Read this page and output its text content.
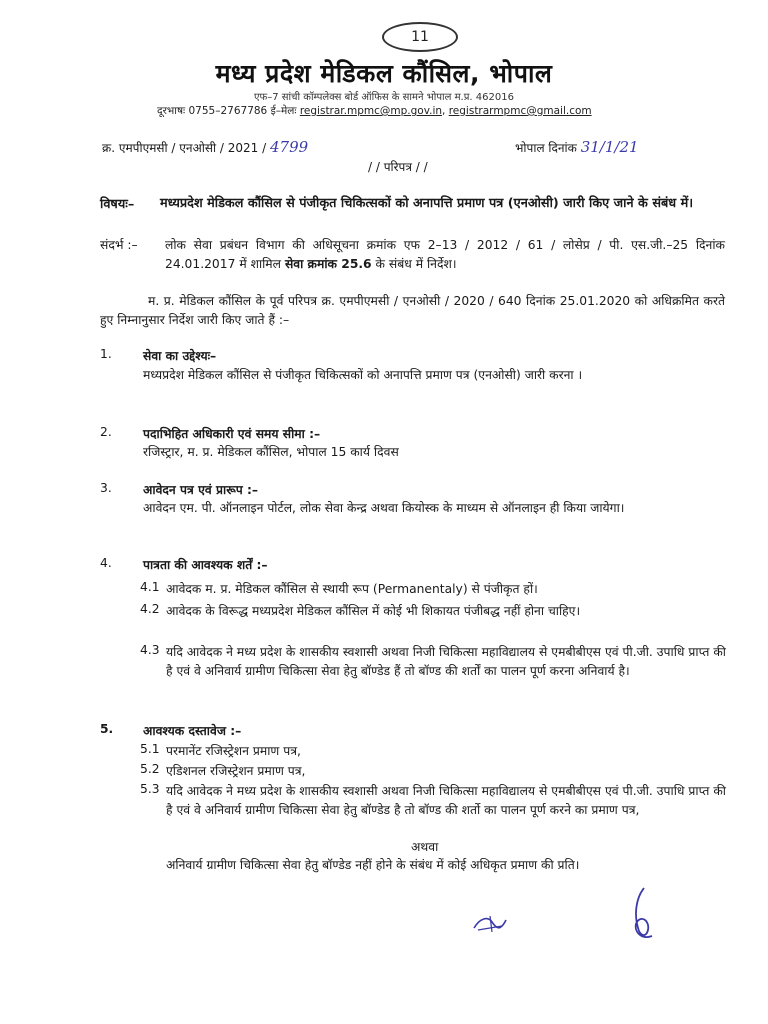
11
मध्य प्रदेश मेडिकल कौंसिल, भोपाल
एफ–7 सांची कॉम्पलेक्स बोर्ड ऑफिस के सामने भोपाल म.प्र. 462016
दूरभाषः 0755–2767786 ई–मेलः registrar.mpmc@mp.gov.in, registrarmpmc@gmail.com
क्र. एमपीएमसी / एनओसी / 2021 / 4799	भोपाल दिनांक 31/1/21
/ / परिपत्र / /
विषयः– मध्यप्रदेश मेडिकल कौंसिल से पंजीकृत चिकित्सकों को अनापत्ति प्रमाण पत्र (एनओसी) जारी किए जाने के संबंध में।
संदर्भ :– लोक सेवा प्रबंधन विभाग की अधिसूचना क्रमांक एफ 2–13 / 2012 / 61 / लोसेप्र / पी. एस.जी.–25 दिनांक 24.01.2017 में शामिल सेवा क्रमांक 25.6 के संबंध में निर्देश।
म. प्र. मेडिकल कौंसिल के पूर्व परिपत्र क्र. एमपीएमसी / एनओसी / 2020 / 640 दिनांक 25.01.2020 को अधिक्रमित करते हुए निम्नानुसार निर्देश जारी किए जाते हैं :–
1.	सेवा का उद्देश्यः–
मध्यप्रदेश मेडिकल कौंसिल से पंजीकृत चिकित्सकों को अनापत्ति प्रमाण पत्र (एनओसी) जारी करना ।
2.	पदाभिहित अधिकारी एवं समय सीमा :–
रजिस्ट्रार, म. प्र. मेडिकल कौंसिल, भोपाल 15 कार्य दिवस
3.	आवेदन पत्र एवं प्रारूप :–
आवेदन एम. पी. ऑनलाइन पोर्टल, लोक सेवा केन्द्र अथवा कियोस्क के माध्यम से ऑनलाइन ही किया जायेगा।
4.	पात्रता की आवश्यक शर्तें :–
4.1 आवेदक म. प्र. मेडिकल कौंसिल से स्थायी रूप (Permanentaly) से पंजीकृत हों।
4.2 आवेदक के विरूद्ध मध्यप्रदेश मेडिकल कौंसिल में कोई भी शिकायत पंजीबद्ध नहीं होना चाहिए।
4.3 यदि आवेदक ने मध्य प्रदेश के शासकीय स्वशासी अथवा निजी चिकित्सा महाविद्यालय से एमबीबीएस एवं पी.जी. उपाधि प्राप्त की है एवं वे अनिवार्य ग्रामीण चिकित्सा सेवा हेतु बॉण्डेड हैं तो बॉण्ड की शर्तों का पालन पूर्ण करना अनिवार्य है।
5. आवश्यक दस्तावेज :–
5.1 परमानेंट रजिस्ट्रेशन प्रमाण पत्र,
5.2 एडिशनल रजिस्ट्रेशन प्रमाण पत्र,
5.3 यदि आवेदक ने मध्य प्रदेश के शासकीय स्वशासी अथवा निजी चिकित्सा महाविद्यालय से एमबीबीएस एवं पी.जी. उपाधि प्राप्त की है एवं वे अनिवार्य ग्रामीण चिकित्सा सेवा हेतु बॉण्डेड है तो बॉण्ड की शर्तो का पालन पूर्ण करने का प्रमाण पत्र,
अथवा
अनिवार्य ग्रामीण चिकित्सा सेवा हेतु बॉण्डेड नहीं होने के संबंध में कोई अधिकृत प्रमाण की प्रति।
